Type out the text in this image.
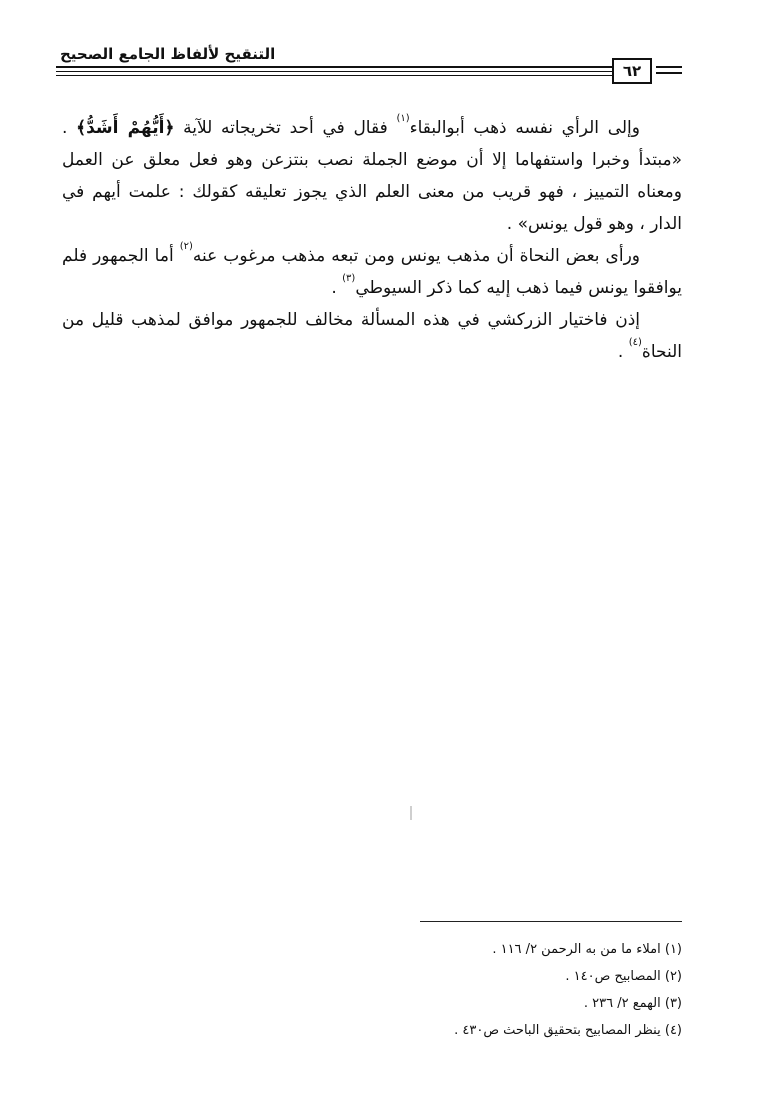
التنقيح لألفاظ الجامع الصحيح
٦٢

وإلى الرأي نفسه ذهب أبوالبقاء$^{(١)}$ فقال في أحد تخريجاته للآية ﴿أَيُّهُمْ أَشَدُّ﴾ . «مبتدأ وخبرا واستفهاما إلا أن موضع الجملة نصب بنتزعن وهو فعل معلق عن العمل ومعناه التمييز ، فهو قريب من معنى العلم الذي يجوز تعليقه كقولك : علمت أيهم في الدار ، وهو قول يونس» .

ورأى بعض النحاة أن مذهب يونس ومن تبعه مذهب مرغوب عنه$^{(٢)}$ أما الجمهور فلم يوافقوا يونس فيما ذهب إليه كما ذكر السيوطي$^{(٣)}$ .

إذن فاختيار الزركشي في هذه المسألة مخالف للجمهور موافق لمذهب قليل من النحاة$^{(٤)}$ .

(١) املاء ما من به الرحمن ٢/ ١١٦ .

(٢) المصابيح ص١٤٠ .

(٣) الهمع ٢/ ٢٣٦ .

(٤) ينظر المصابيح بتحقيق الباحث ص٤٣٠ .
